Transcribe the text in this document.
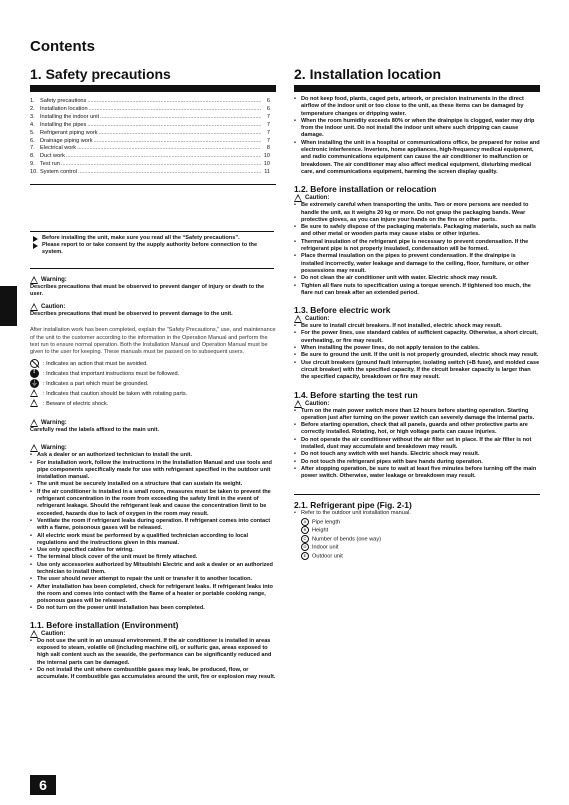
Contents
1. Safety precautions	2. Installation location
1. Safety precautions .....	6
2. Installation location .....	6
3. Installing the indoor unit .....	7
4. Installing the pipes .....	7
5. Refrigerant piping work .....	7
6. Drainage piping work .....	7
7. Electrical work .....	8
8. Duct work .....	10
9. Test run .....	10
10. System control .....	11
Before installing the unit, make sure you read all the “Safety precautions”.
Please report to or take consent by the supply authority before connection to the system.
Warning:
Describes precautions that must be observed to prevent danger of injury or death to the user.
Caution:
Describes precautions that must be observed to prevent damage to the unit.
After installation work has been completed, explain the “Safety Precautions,” use, and maintenance of the unit to the customer according to the information in the Operation Manual and perform the test run to ensure normal operation. Both the Installation Manual and Operation Manual must be given to the user for keeping. These manuals must be passed on to subsequent users.
: Indicates an action that must be avoided.
!
: Indicates that important instructions must be followed.
⏚
: Indicates a part which must be grounded.
: Indicates that caution should be taken with rotating parts.
: Beware of electric shock.
Warning:
Carefully read the labels affixed to the main unit.
Warning:
• Ask a dealer or an authorized technician to install the unit.
• For installation work, follow the instructions in the Installation Manual and use tools and pipe components specifically made for use with refrigerant specified in the outdoor unit installation manual.
• The unit must be securely installed on a structure that can sustain its weight.
• If the air conditioner is installed in a small room, measures must be taken to prevent the refrigerant concentration in the room from exceeding the safety limit in the event of refrigerant leakage. Should the refrigerant leak and cause the concentration limit to be exceeded, hazards due to lack of oxygen in the room may result.
• Ventilate the room if refrigerant leaks during operation. If refrigerant comes into contact with a flame, poisonous gases will be released.
• All electric work must be performed by a qualified technician according to local regulations and the instructions given in this manual.
• Use only specified cables for wiring.
• The terminal block cover of the unit must be firmly attached.
• Use only accessories authorized by Mitsubishi Electric and ask a dealer or an authorized technician to install them.
• The user should never attempt to repair the unit or transfer it to another location.
• After installation has been completed, check for refrigerant leaks. If refrigerant leaks into the room and comes into contact with the flame of a heater or portable cooking range, poisonous gases will be released.
• Do not turn on the power until installation has been completed.
1.1. Before installation (Environment)
Caution:
• Do not use the unit in an unusual environment. If the air conditioner is installed in areas exposed to steam, volatile oil (including machine oil), or sulfuric gas, areas exposed to high salt content such as the seaside, the performance can be significantly reduced and the internal parts can be damaged.
• Do not install the unit where combustible gases may leak, be produced, flow, or accumulate. If combustible gas accumulates around the unit, fire or explosion may result.
• Do not keep food, plants, caged pets, artwork, or precision instruments in the direct airflow of the indoor unit or too close to the unit, as these items can be damaged by temperature changes or dripping water.
• When the room humidity exceeds 80% or when the drainpipe is clogged, water may drip from the indoor unit. Do not install the indoor unit where such dripping can cause damage.
• When installing the unit in a hospital or communications office, be prepared for noise and electronic interference. Inverters, home appliances, high-frequency medical equipment, and radio communications equipment can cause the air conditioner to malfunction or breakdown. The air conditioner may also affect medical equipment, disturbing medical care, and communications equipment, harming the screen display quality.
1.2. Before installation or relocation
Caution:
• Be extremely careful when transporting the units. Two or more persons are needed to handle the unit, as it weighs 20 kg or more. Do not grasp the packaging bands. Wear protective gloves, as you can injure your hands on the fins or other parts.
• Be sure to safely dispose of the packaging materials. Packaging materials, such as nails and other metal or wooden parts may cause stabs or other injuries.
• Thermal insulation of the refrigerant pipe is necessary to prevent condensation. If the refrigerant pipe is not properly insulated, condensation will be formed.
• Place thermal insulation on the pipes to prevent condensation. If the drainpipe is installed incorrectly, water leakage and damage to the ceiling, floor, furniture, or other possessions may result.
• Do not clean the air conditioner unit with water. Electric shock may result.
• Tighten all flare nuts to specification using a torque wrench. If tightened too much, the flare nut can break after an extended period.
1.3. Before electric work
Caution:
• Be sure to install circuit breakers. If not installed, electric shock may result.
• For the power lines, use standard cables of sufficient capacity. Otherwise, a short circuit, overheating, or fire may result.
• When installing the power lines, do not apply tension to the cables.
• Be sure to ground the unit. If the unit is not properly grounded, electric shock may result.
• Use circuit breakers (ground fault interrupter, isolating switch (+B fuse), and molded case circuit breaker) with the specified capacity. If the circuit breaker capacity is larger than the specified capacity, breakdown or fire may result.
1.4. Before starting the test run
Caution:
• Turn on the main power switch more than 12 hours before starting operation. Starting operation just after turning on the power switch can severely damage the internal parts.
• Before starting operation, check that all panels, guards and other protective parts are correctly installed. Rotating, hot, or high voltage parts can cause injuries.
• Do not operate the air conditioner without the air filter set in place. If the air filter is not installed, dust may accumulate and breakdown may result.
• Do not touch any switch with wet hands. Electric shock may result.
• Do not touch the refrigerant pipes with bare hands during operation.
• After stopping operation, be sure to wait at least five minutes before turning off the main power switch. Otherwise, water leakage or breakdown may result.
2.1. Refrigerant pipe (Fig. 2-1)
• Refer to the outdoor unit installation manual.
A Pipe length
B Height
C Number of bends (one way)
D Indoor unit
E Outdoor unit
6
